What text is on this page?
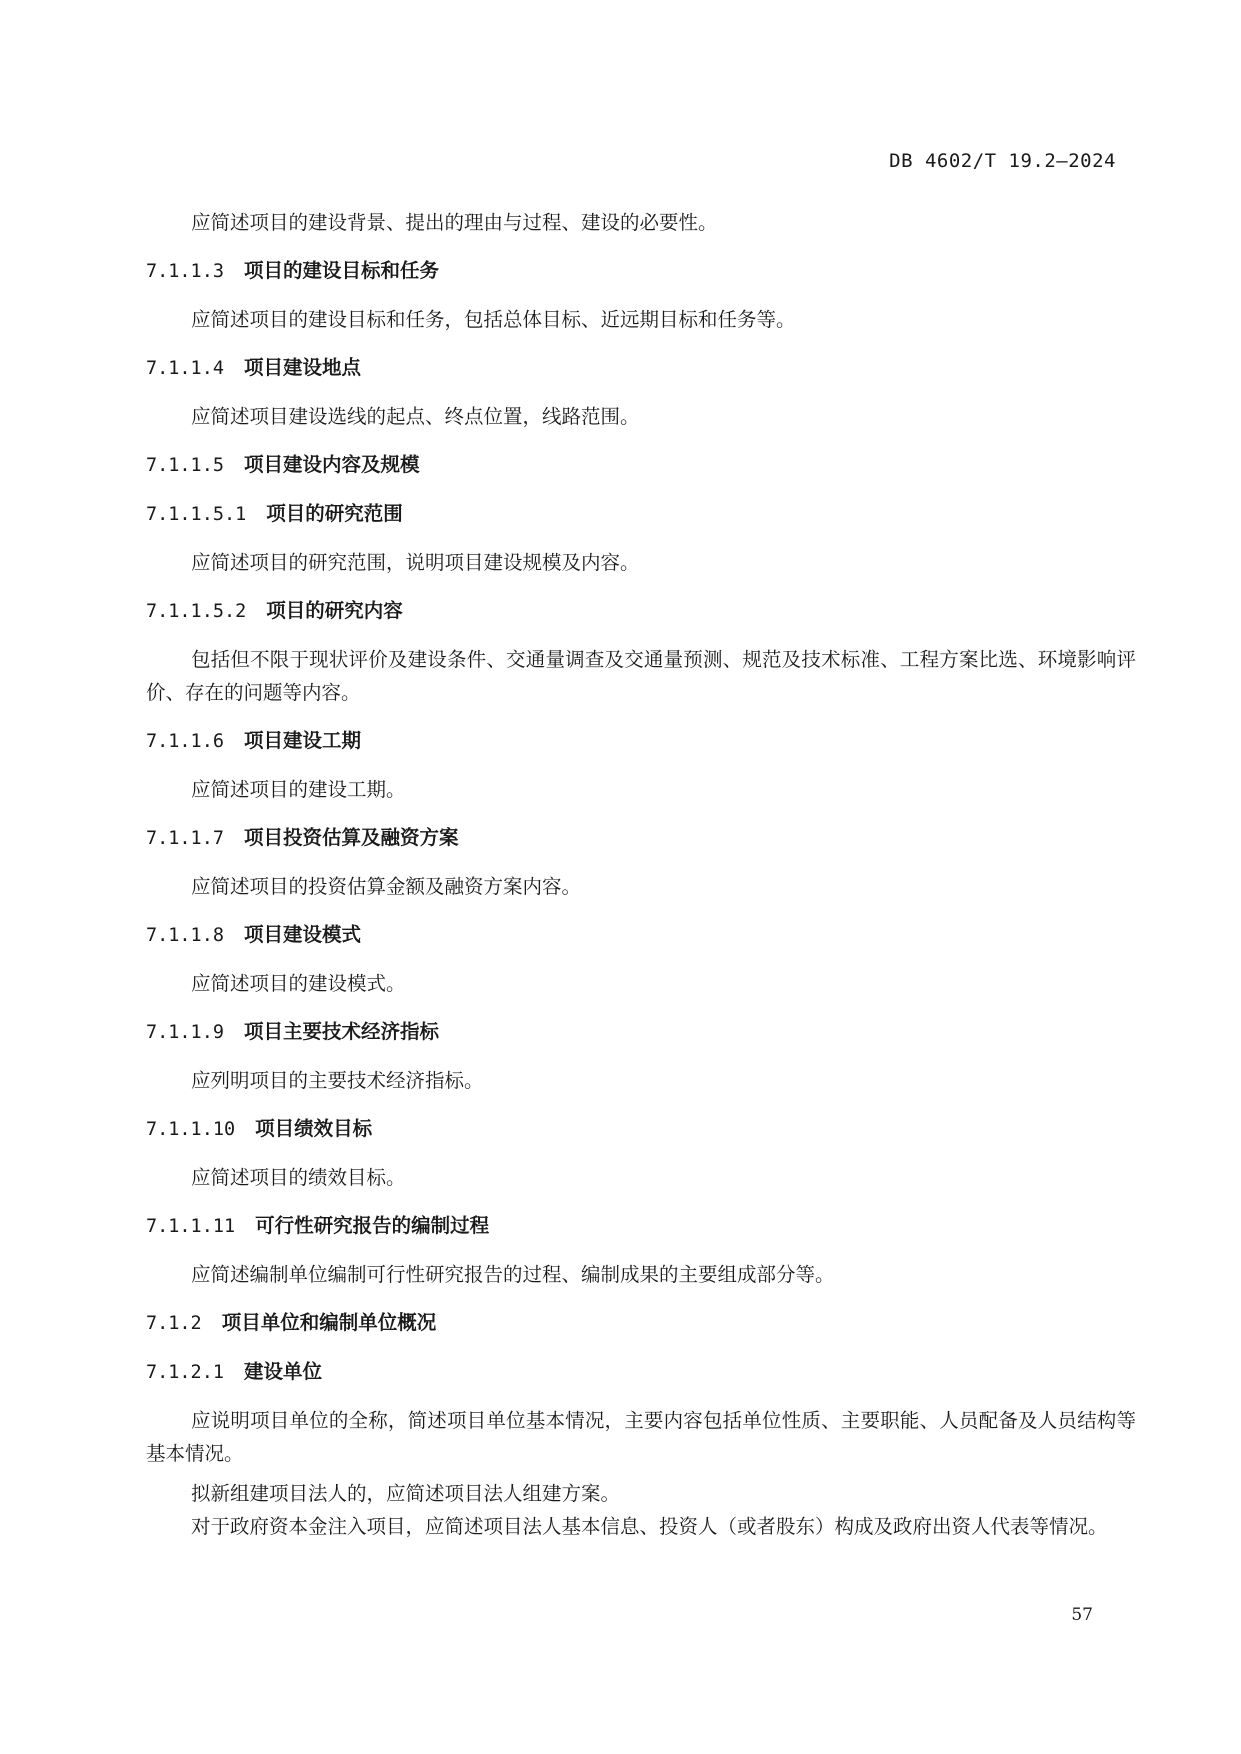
DB 4602/T 19.2—2024

应简述项目的建设背景、提出的理由与过程、建设的必要性。

7.1.1.3 项目的建设目标和任务

应简述项目的建设目标和任务，包括总体目标、近远期目标和任务等。

7.1.1.4 项目建设地点

应简述项目建设选线的起点、终点位置，线路范围。

7.1.1.5 项目建设内容及规模
7.1.1.5.1 项目的研究范围

应简述项目的研究范围，说明项目建设规模及内容。

7.1.1.5.2 项目的研究内容

包括但不限于现状评价及建设条件、交通量调查及交通量预测、规范及技术标准、工程方案比选、环境影响评价、存在的问题等内容。

7.1.1.6 项目建设工期

应简述项目的建设工期。

7.1.1.7 项目投资估算及融资方案

应简述项目的投资估算金额及融资方案内容。

7.1.1.8 项目建设模式

应简述项目的建设模式。

7.1.1.9 项目主要技术经济指标

应列明项目的主要技术经济指标。

7.1.1.10 项目绩效目标

应简述项目的绩效目标。

7.1.1.11 可行性研究报告的编制过程

应简述编制单位编制可行性研究报告的过程、编制成果的主要组成部分等。

7.1.2 项目单位和编制单位概况
7.1.2.1 建设单位

应说明项目单位的全称，简述项目单位基本情况，主要内容包括单位性质、主要职能、人员配备及人员结构等基本情况。

拟新组建项目法人的，应简述项目法人组建方案。

对于政府资本金注入项目，应简述项目法人基本信息、投资人（或者股东）构成及政府出资人代表等情况。

57
